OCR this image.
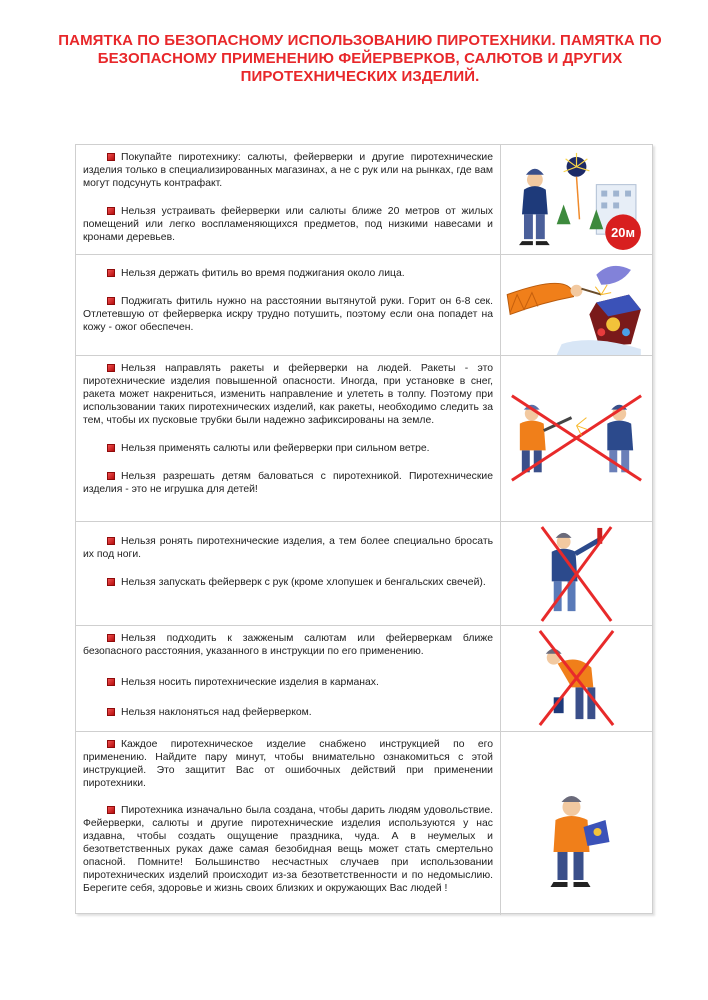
ПАМЯТКА ПО БЕЗОПАСНОМУ ИСПОЛЬЗОВАНИЮ ПИРОТЕХНИКИ. ПАМЯТКА ПО БЕЗОПАСНОМУ ПРИМЕНЕНИЮ ФЕЙЕРВЕРКОВ, САЛЮТОВ И ДРУГИХ ПИРОТЕХНИЧЕСКИХ ИЗДЕЛИЙ.

Покупайте пиротехнику: салюты, фейерверки и другие пиротехнические изделия только в специализированных магазинах, а не с рук или на рынках, где вам могут подсунуть контрафакт.

Нельзя устраивать фейерверки или салюты ближе 20 метров от жилых помещений или легко воспламеняющихся предметов, под низкими навесами и кронами деревьев.	20м

Нельзя держать фитиль во время поджигания около лица.

Поджигать фитиль нужно на расстоянии вытянутой руки. Горит он 6-8 сек. Отлетевшую от фейерверка искру трудно потушить, поэтому если она попадет на кожу - ожог обеспечен.

Нельзя направлять ракеты и фейерверки на людей. Ракеты - это пиротехнические изделия повышенной опасности. Иногда, при установке в снег, ракета может накрениться, изменить направление и улететь в толпу. Поэтому при использовании таких пиротехнических изделий, как ракеты, необходимо следить за тем, чтобы их пусковые трубки были надежно зафиксированы на земле.

Нельзя применять салюты или фейерверки при сильном ветре.

Нельзя разрешать детям баловаться с пиротехникой. Пиротехнические изделия - это не игрушка для детей!

Нельзя ронять пиротехнические изделия, а тем более специально бросать их под ноги.

Нельзя запускать фейерверк с рук (кроме хлопушек и бенгальских свечей).

Нельзя подходить к зажженым салютам или фейерверкам ближе безопасного расстояния, указанного в инструкции по его применению.

Нельзя носить пиротехнические изделия в карманах.

Нельзя наклоняться над фейерверком.

Каждое пиротехническое изделие снабжено инструкцией по его применению. Найдите пару минут, чтобы внимательно ознакомиться с этой инструкцией. Это защитит Вас от ошибочных действий при применении пиротехники.

Пиротехника изначально была создана, чтобы дарить людям удовольствие. Фейерверки, салюты и другие пиротехнические изделия используются у нас издавна, чтобы создать ощущение праздника, чуда. А в неумелых и безответственных руках даже самая безобидная вещь может стать смертельно опасной. Помните! Большинство несчастных случаев при использовании пиротехнических изделий происходит из-за безответственности и по недомыслию. Берегите себя, здоровье и жизнь своих близких и окружающих Вас людей !
